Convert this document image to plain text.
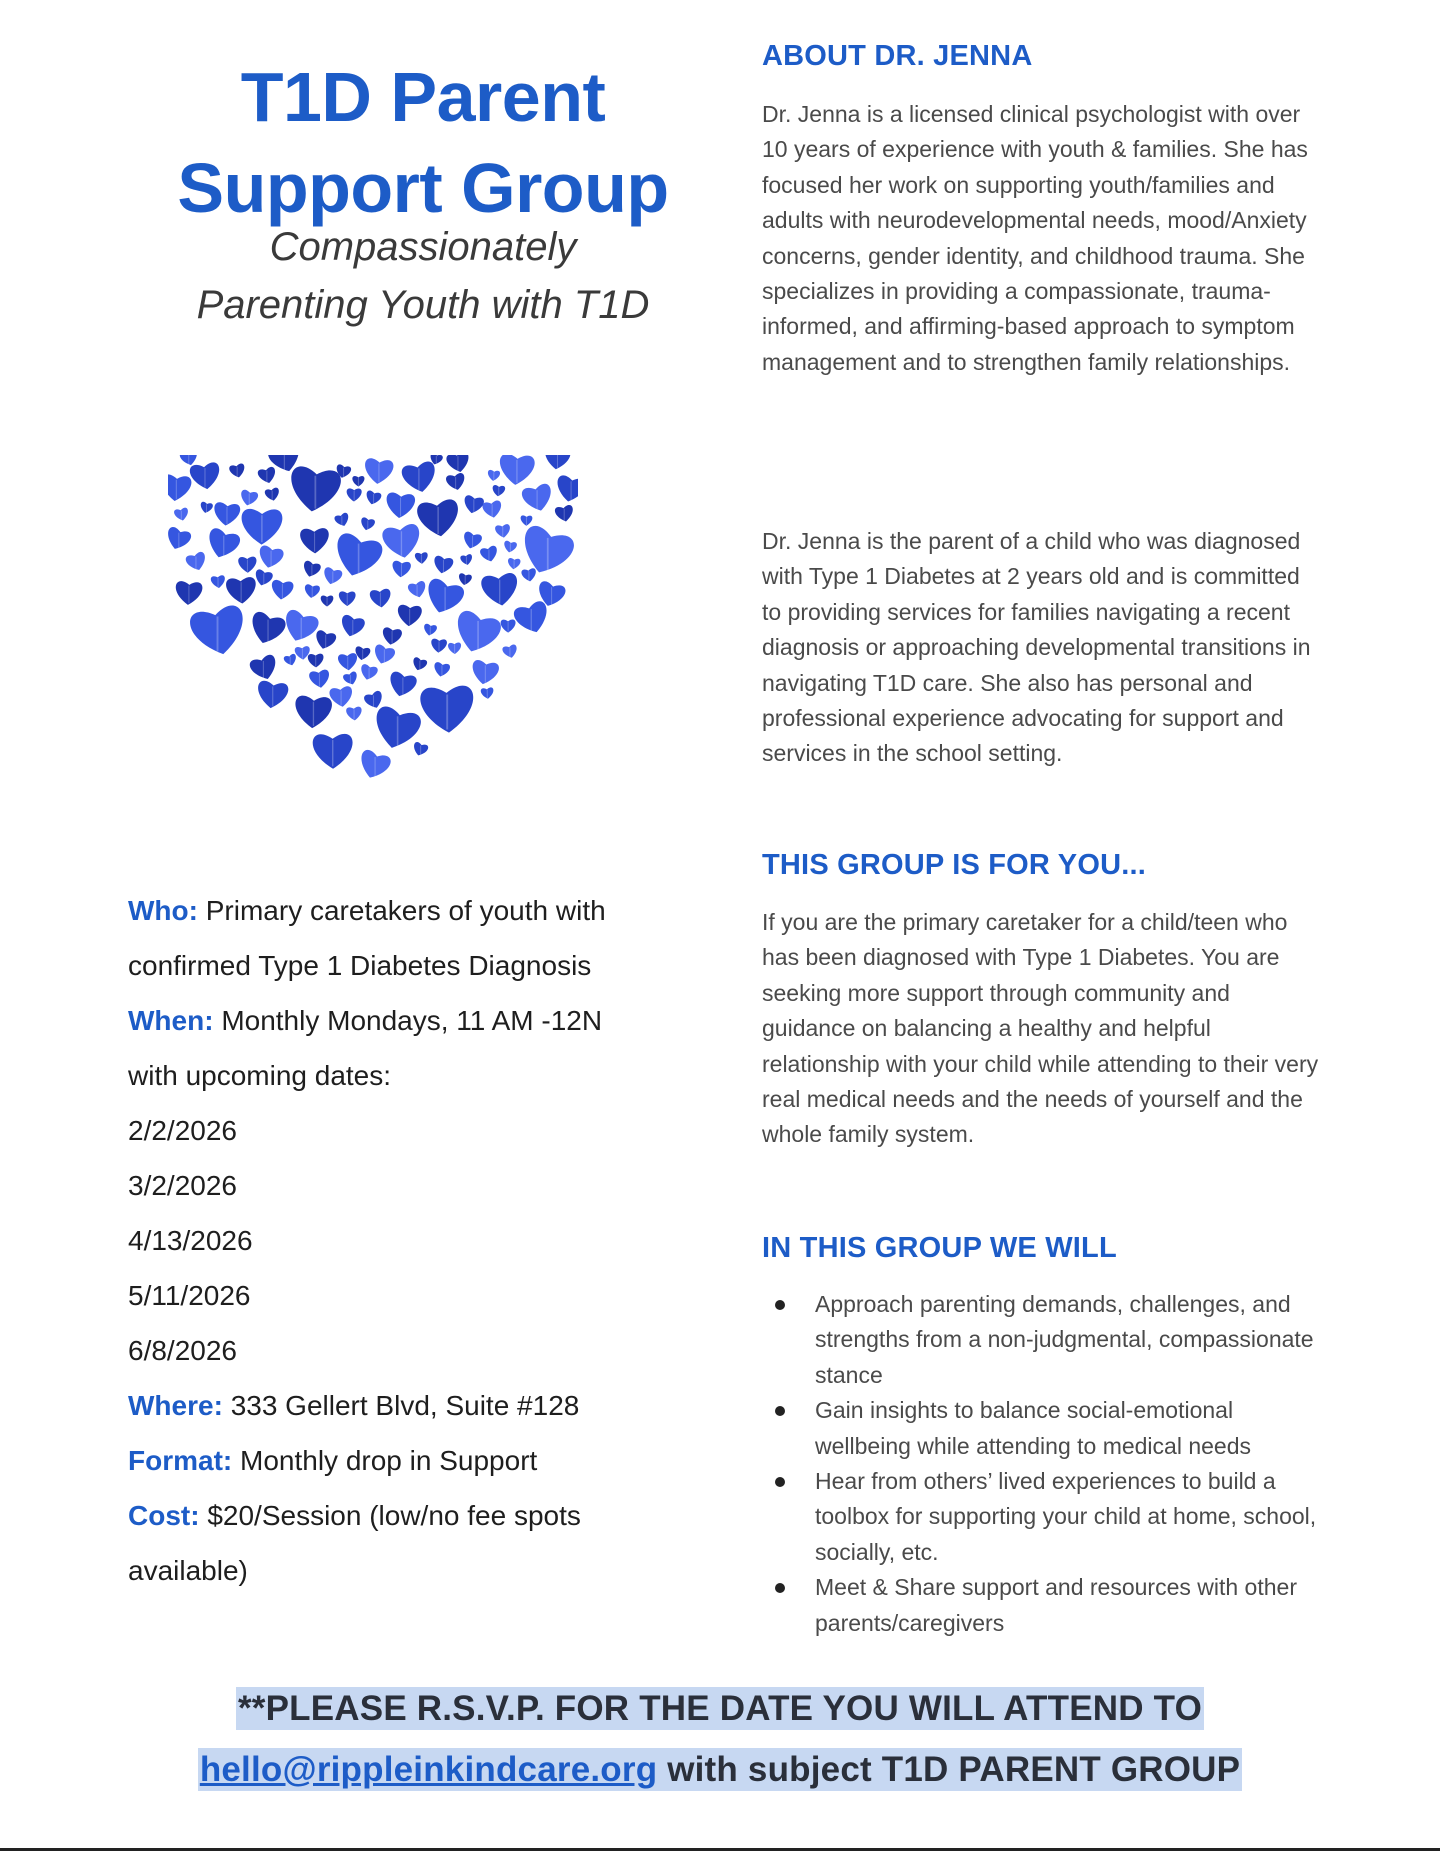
T1D Parent
Support Group

Compassionately
Parenting Youth with T1D

Who: Primary caretakers of youth with
confirmed Type 1 Diabetes Diagnosis
When: Monthly Mondays, 11 AM -12N
with upcoming dates:
2/2/2026
3/2/2026
4/13/2026
5/11/2026
6/8/2026
Where: 333 Gellert Blvd, Suite #128
Format: Monthly drop in Support
Cost: $20/Session (low/no fee spots
available)
ABOUT DR. JENNA

Dr. Jenna is a licensed clinical psychologist with over 10 years of experience with youth & families. She has focused her work on supporting youth/families and adults with neurodevelopmental needs, mood/Anxiety concerns, gender identity, and childhood trauma. She specializes in providing a compassionate, trauma-informed, and affirming-based approach to symptom management and to strengthen family relationships.

Dr. Jenna is the parent of a child who was diagnosed with Type 1 Diabetes at 2 years old and is committed to providing services for families navigating a recent diagnosis or approaching developmental transitions in navigating T1D care. She also has personal and professional experience advocating for support and services in the school setting.

THIS GROUP IS FOR YOU...

If you are the primary caretaker for a child/teen who has been diagnosed with Type 1 Diabetes. You are seeking more support through community and guidance on balancing a healthy and helpful relationship with your child while attending to their very real medical needs and the needs of yourself and the whole family system.

IN THIS GROUP WE WILL
Approach parenting demands, challenges, and strengths from a non-judgmental, compassionate stance
Gain insights to balance social-emotional wellbeing while attending to medical needs
Hear from others’ lived experiences to build a toolbox for supporting your child at home, school, socially, etc.
Meet & Share support and resources with other parents/caregivers
**PLEASE R.S.V.P. FOR THE DATE YOU WILL ATTEND TO
hello@rippleinkindcare.org with subject T1D PARENT GROUP
